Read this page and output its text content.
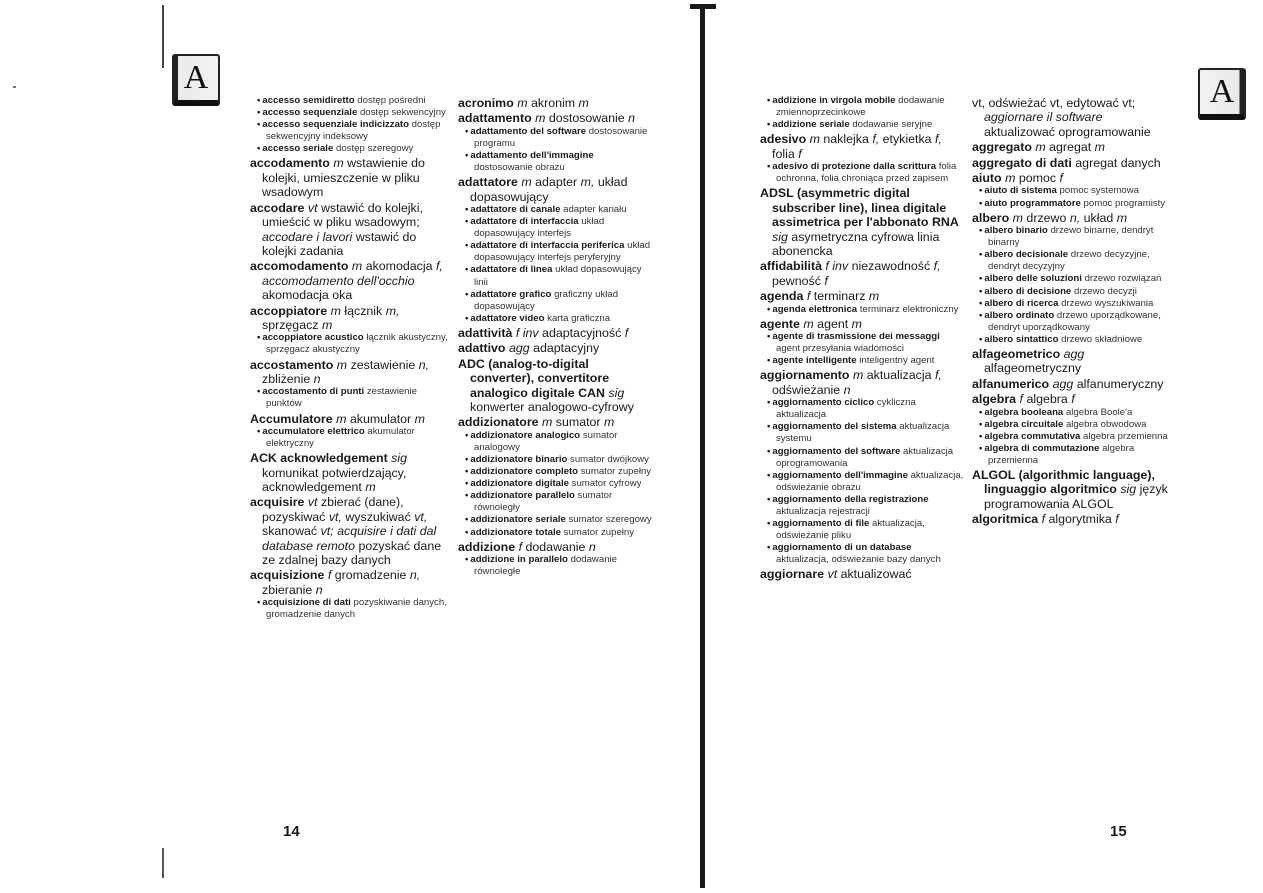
A

• accesso semidiretto dostęp pośredni

• accesso sequenziale dostęp sekwencyjny

• accesso sequenziale indicizzato dostęp sekwencyjny indeksowy

• accesso seriale dostęp szeregowy

accodamento m wstawienie do kolejki, umieszczenie w pliku wsadowym

accodare vt wstawić do kolejki, umieścić w pliku wsadowym; accodare i lavori wstawić do kolejki zadania

accomodamento m akomodacja f, accomodamento dell'occhio akomodacja oka

accoppiatore m łącznik m, sprzęgacz m

• accoppiatore acustico łącznik akustyczny, sprzęgacz akustyczny

accostamento m zestawienie n, zbliżenie n

• accostamento di punti zestawienie punktów

Accumulatore m akumulator m

• accumulatore elettrico akumulator elektryczny

ACK acknowledgement sig komunikat potwierdzający, acknowledgement m

acquisire vt zbierać (dane), pozyskiwać vt, wyszukiwać vt, skanować vt; acquisire i dati dal database remoto pozyskać dane ze zdalnej bazy danych

acquisizione f gromadzenie n, zbieranie n

• acquisizione di dati pozyskiwanie danych, gromadzenie danych

acronimo m akronim m

adattamento m dostosowanie n

• adattamento del software dostosowanie programu

• adattamento dell'immagine dostosowanie obrazu

adattatore m adapter m, układ dopasowujący

• adattatore di canale adapter kanału

• adattatore di interfaccia układ dopasowujący interfejs

• adattatore di interfaccia periferica układ dopasowujący interfejs peryferyjny

• adattatore di linea układ dopasowujący linii

• adattatore grafico graficzny układ dopasowujący

• adattatore video karta graficzna

adattività f inv adaptacyjność f

adattivo agg adaptacyjny

ADC (analog-to-digital converter), convertitore analogico digitale CAN sig konwerter analogowo-cyfrowy

addizionatore m sumator m

• addizionatore analogico sumator analogowy

• addizionatore binario sumator dwójkowy

• addizionatore completo sumator zupełny

• addizionatore digitale sumator cyfrowy

• addizionatore parallelo sumator równoległy

• addizionatore seriale sumator szeregowy

• addizionatore totale sumator zupełny

addizione f dodawanie n

• addizione in parallelo dodawanie równoległe

14

• addizione in virgola mobile dodawanie zmiennoprzecinkowe

• addizione seriale dodawanie seryjne

adesivo m naklejka f, etykietka f, folia f

• adesivo di protezione dalla scrittura folia ochronna, folia chroniąca przed zapisem

ADSL (asymmetric digital subscriber line), linea digitale assimetrica per l'abbonato RNA sig asymetryczna cyfrowa linia abonencka

affidabilità f inv niezawodność f, pewność f

agenda f terminarz m

• agenda elettronica terminarz elektroniczny

agente m agent m

• agente di trasmissione dei messaggi agent przesyłania wiadomości

• agente intelligente inteligentny agent

aggiornamento m aktualizacja f, odświeżanie n

• aggiornamento ciclico cykliczna aktualizacja

• aggiornamento del sistema aktualizacja systemu

• aggiornamento del software aktualizacja oprogramowania

• aggiornamento dell'immagine aktualizacja, odświeżanie obrazu

• aggiornamento della registrazione aktualizacja rejestracji

• aggiornamento di file aktualizacja, odświeżanie pliku

• aggiornamento di un database aktualizacja, odświeżanie bazy danych

aggiornare vt aktualizować

vt, odświeżać vt, edytować vt; aggiornare il software aktualizować oprogramowanie

aggregato m agregat m

aggregato di dati agregat danych

aiuto m pomoc f

• aiuto di sistema pomoc systemowa

• aiuto programmatore pomoc programisty

albero m drzewo n, układ m

• albero binario drzewo binarne, dendryt binarny

• albero decisionale drzewo decyzyjne, dendryt decyzyjny

• albero delle soluzioni drzewo rozwiązań

• albero di decisione drzewo decyzji

• albero di ricerca drzewo wyszukiwania

• albero ordinato drzewo uporządkowane, dendryt uporządkowany

• albero sintattico drzewo składniowe

alfageometrico agg alfageometryczny

alfanumerico agg alfanumeryczny

algebra f algebra f

• algebra booleana algebra Boole'a

• algebra circuitale algebra obwodowa

• algebra commutativa algebra przemienna

• algebra di commutazione algebra przemienna

ALGOL (algorithmic language), linguaggio algoritmico sig język programowania ALGOL

algoritmica f algorytmika f

A
15
